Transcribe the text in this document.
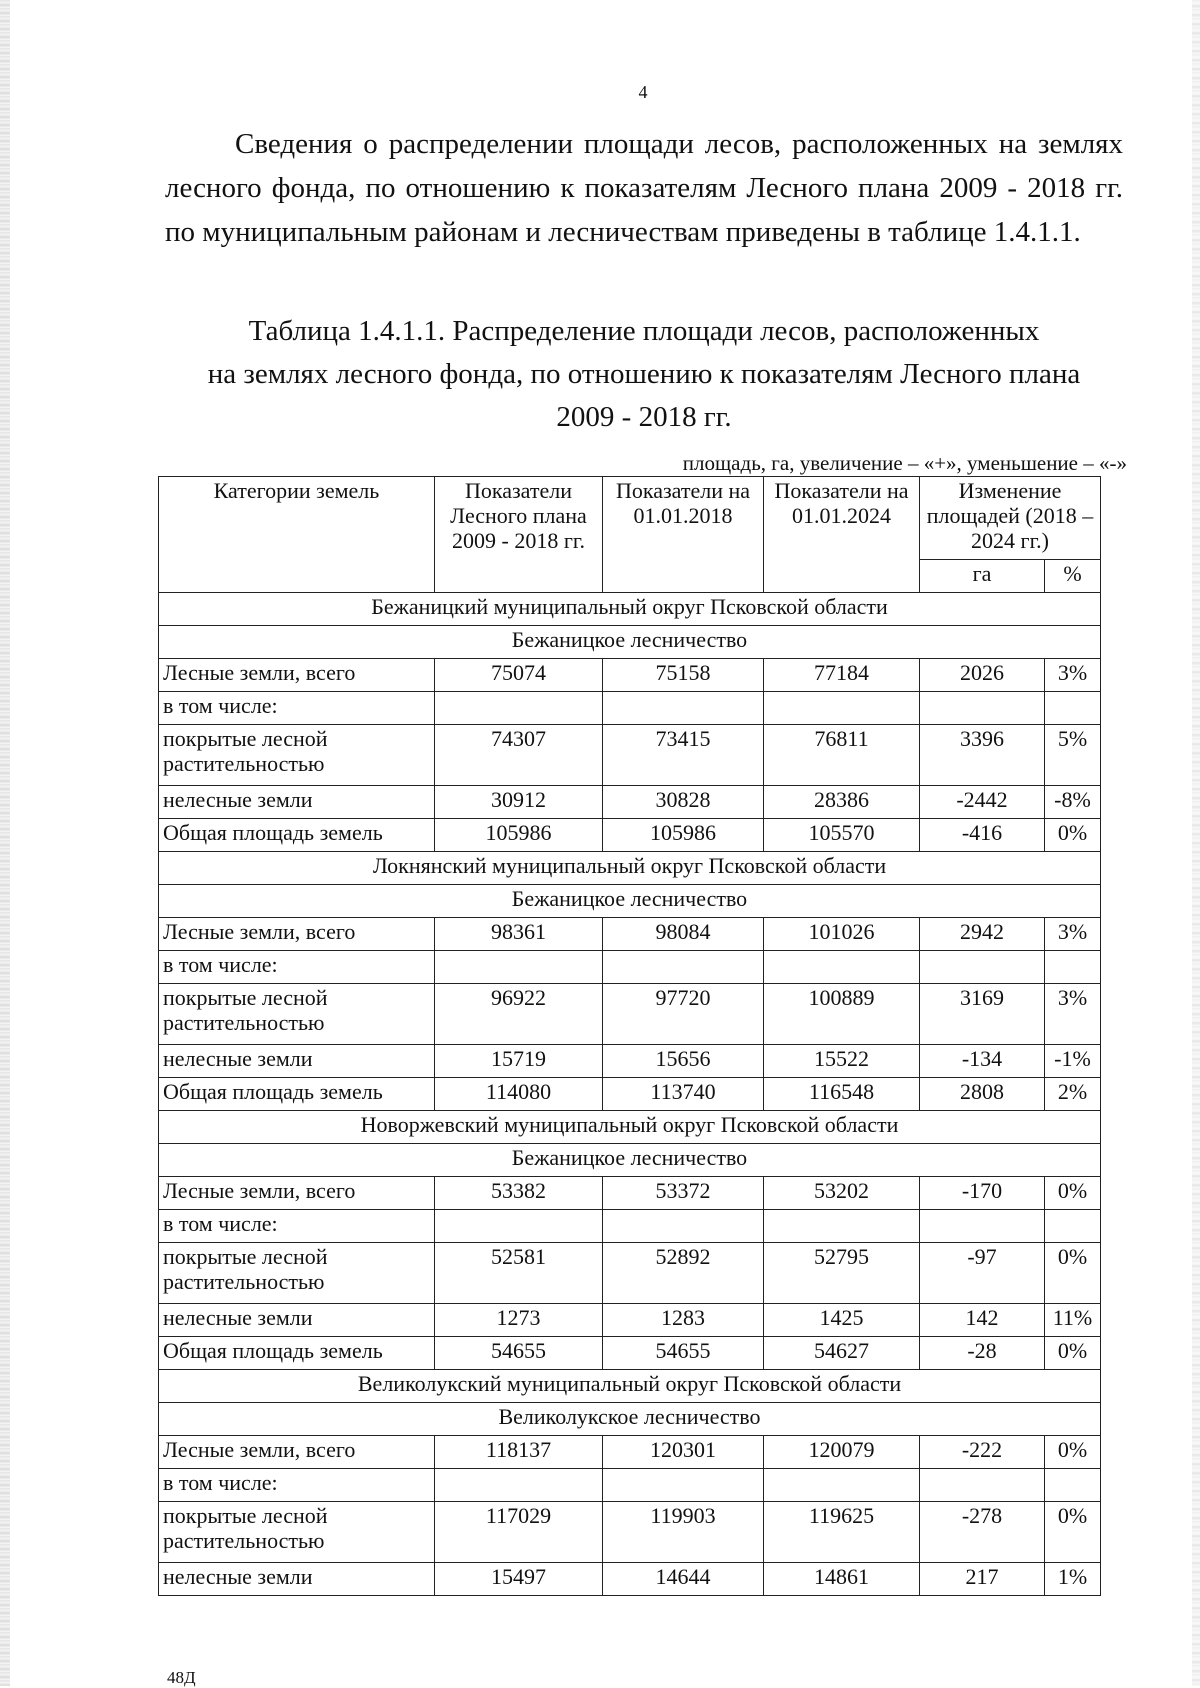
4

Сведения о распределении площади лесов, расположенных на землях лесного фонда, по отношению к показателям Лесного плана 2009 - 2018 гг. по муниципальным районам и лесничествам приведены в таблице 1.4.1.1.

Таблица 1.4.1.1. Распределение площади лесов, расположенных
на землях лесного фонда, по отношению к показателям Лесного плана
2009 - 2018 гг.

площадь, га, увеличение – «+», уменьшение – «-»
Категории земель	Показатели Лесного плана 2009 - 2018 гг.	Показатели на 01.01.2018	Показатели на 01.01.2024	Изменение площадей (2018 – 2024 гг.)	
				га	%
Бежаницкий муниципальный округ Псковской области					
Бежаницкое лесничество					
Лесные земли, всего	75074	75158	77184	2026	3%
в том числе:					
покрытые лесной растительностью	74307	73415	76811	3396	5%
нелесные земли	30912	30828	28386	-2442	-8%
Общая площадь земель	105986	105986	105570	-416	0%
Локнянский муниципальный округ Псковской области					
Бежаницкое лесничество					
Лесные земли, всего	98361	98084	101026	2942	3%
в том числе:					
покрытые лесной растительностью	96922	97720	100889	3169	3%
нелесные земли	15719	15656	15522	-134	-1%
Общая площадь земель	114080	113740	116548	2808	2%
Новоржевский муниципальный округ Псковской области					
Бежаницкое лесничество					
Лесные земли, всего	53382	53372	53202	-170	0%
в том числе:					
покрытые лесной растительностью	52581	52892	52795	-97	0%
нелесные земли	1273	1283	1425	142	11%
Общая площадь земель	54655	54655	54627	-28	0%
Великолукский муниципальный округ Псковской области					
Великолукское лесничество					
Лесные земли, всего	118137	120301	120079	-222	0%
в том числе:					
покрытые лесной растительностью	117029	119903	119625	-278	0%
нелесные земли	15497	14644	14861	217	1%
48Д
